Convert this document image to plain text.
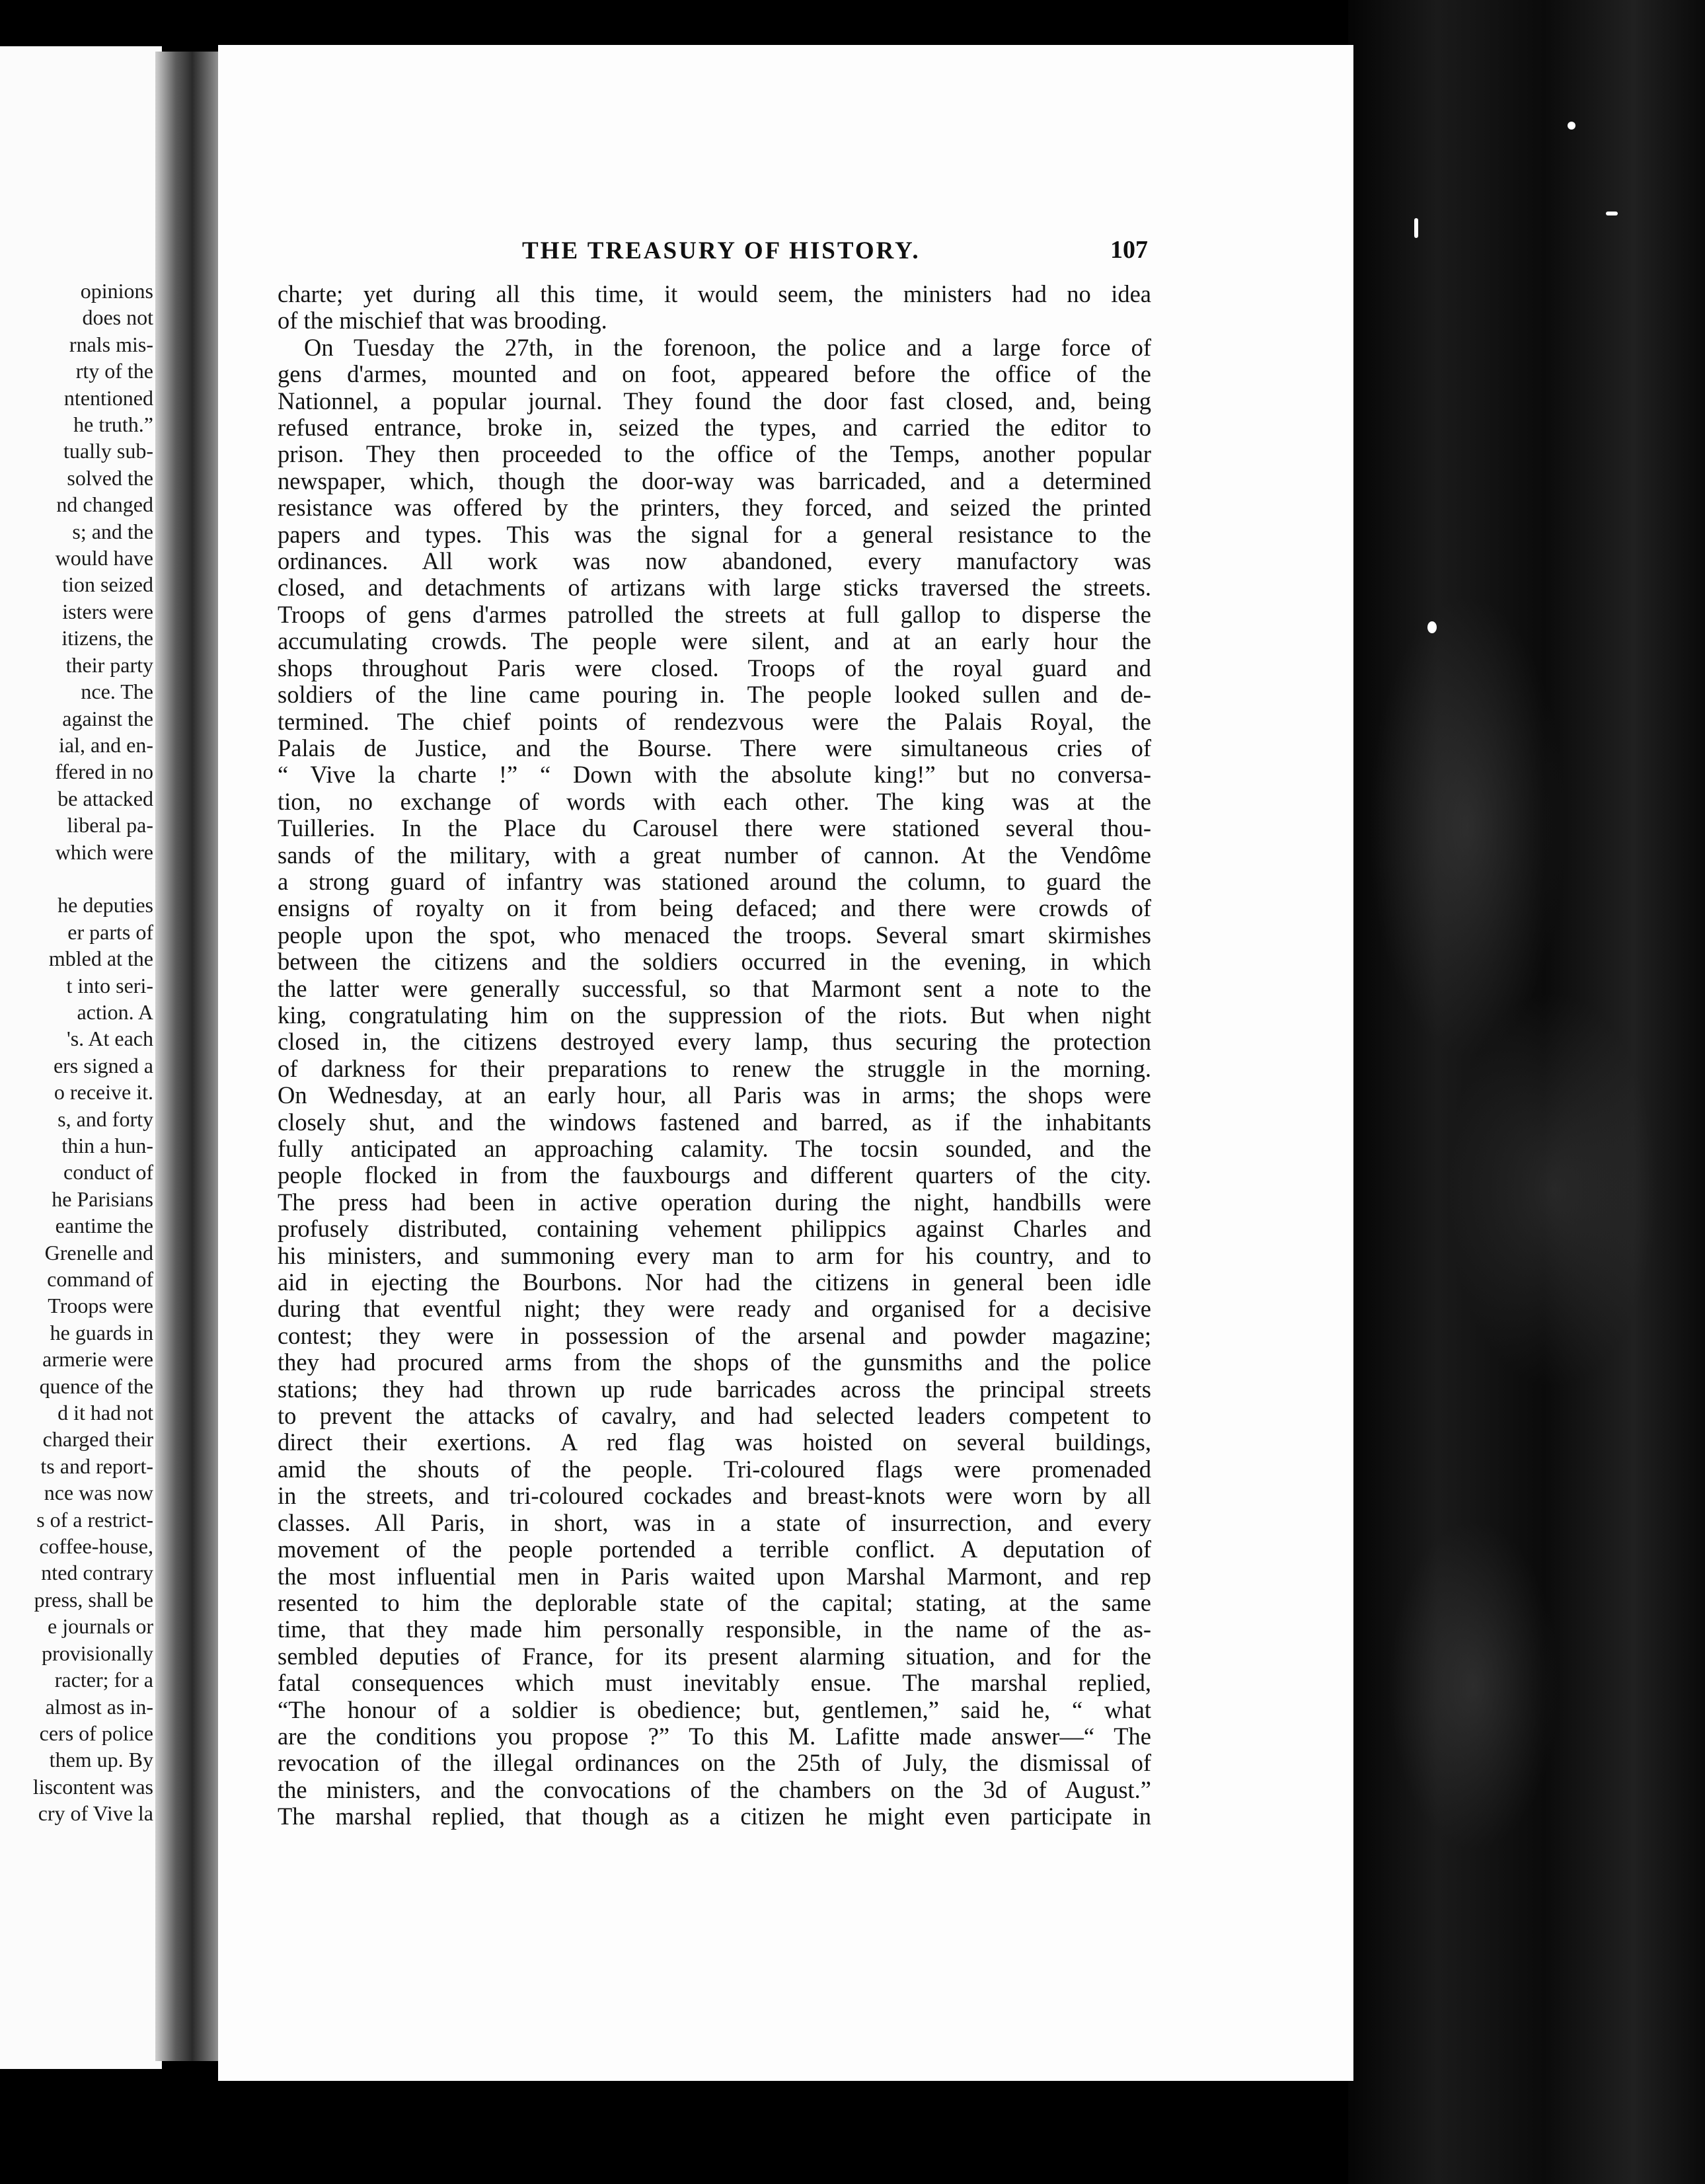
THE TREASURY OF HISTORY.	107
charte; yet during all this time, it would seem, the ministers had no idea
of the mischief that was brooding.
On Tuesday the 27th, in the forenoon, the police and a large force of
gens d'armes, mounted and on foot, appeared before the office of the
Nationnel, a popular journal. They found the door fast closed, and, being
refused entrance, broke in, seized the types, and carried the editor to
prison. They then proceeded to the office of the Temps, another popular
newspaper, which, though the door-way was barricaded, and a determined
resistance was offered by the printers, they forced, and seized the printed
papers and types. This was the signal for a general resistance to the
ordinances. All work was now abandoned, every manufactory was
closed, and detachments of artizans with large sticks traversed the streets.
Troops of gens d'armes patrolled the streets at full gallop to disperse the
accumulating crowds. The people were silent, and at an early hour the
shops throughout Paris were closed. Troops of the royal guard and
soldiers of the line came pouring in. The people looked sullen and de-
termined. The chief points of rendezvous were the Palais Royal, the
Palais de Justice, and the Bourse. There were simultaneous cries of
“ Vive la charte !” “ Down with the absolute king!” but no conversa-
tion, no exchange of words with each other. The king was at the
Tuilleries. In the Place du Carousel there were stationed several thou-
sands of the military, with a great number of cannon. At the Vendôme
a strong guard of infantry was stationed around the column, to guard the
ensigns of royalty on it from being defaced; and there were crowds of
people upon the spot, who menaced the troops. Several smart skirmishes
between the citizens and the soldiers occurred in the evening, in which
the latter were generally successful, so that Marmont sent a note to the
king, congratulating him on the suppression of the riots. But when night
closed in, the citizens destroyed every lamp, thus securing the protection
of darkness for their preparations to renew the struggle in the morning.
On Wednesday, at an early hour, all Paris was in arms; the shops were
closely shut, and the windows fastened and barred, as if the inhabitants
fully anticipated an approaching calamity. The tocsin sounded, and the
people flocked in from the fauxbourgs and different quarters of the city.
The press had been in active operation during the night, handbills were
profusely distributed, containing vehement philippics against Charles and
his ministers, and summoning every man to arm for his country, and to
aid in ejecting the Bourbons. Nor had the citizens in general been idle
during that eventful night; they were ready and organised for a decisive
contest; they were in possession of the arsenal and powder magazine;
they had procured arms from the shops of the gunsmiths and the police
stations; they had thrown up rude barricades across the principal streets
to prevent the attacks of cavalry, and had selected leaders competent to
direct their exertions. A red flag was hoisted on several buildings,
amid the shouts of the people. Tri-coloured flags were promenaded
in the streets, and tri-coloured cockades and breast-knots were worn by all
classes. All Paris, in short, was in a state of insurrection, and every
movement of the people portended a terrible conflict. A deputation of
the most influential men in Paris waited upon Marshal Marmont, and rep
resented to him the deplorable state of the capital; stating, at the same
time, that they made him personally responsible, in the name of the as-
sembled deputies of France, for its present alarming situation, and for the
fatal consequences which must inevitably ensue. The marshal replied,
“The honour of a soldier is obedience; but, gentlemen,” said he, “ what
are the conditions you propose ?” To this M. Lafitte made answer—“ The
revocation of the illegal ordinances on the 25th of July, the dismissal of
the ministers, and the convocations of the chambers on the 3d of August.”
The marshal replied, that though as a citizen he might even participate in
opinions
does not
rnals mis-
rty of the
ntentioned
he truth.”
tually sub-
solved the
nd changed
s; and the
would have
tion seized
isters were
itizens, the
their party
nce. The
against the
ial, and en-
ffered in no
be attacked
liberal pa-
which were
he deputies
er parts of
mbled at the
t into seri-
action. A
's. At each
ers signed a
o receive it.
s, and forty
thin a hun-
conduct of
he Parisians
eantime the
Grenelle and
command of
Troops were
he guards in
armerie were
quence of the
d it had not
charged their
ts and report-
nce was now
s of a restrict-
coffee-house,
nted contrary
press, shall be
e journals or
provisionally
racter; for a
almost as in-
cers of police
them up. By
liscontent was
cry of Vive la
